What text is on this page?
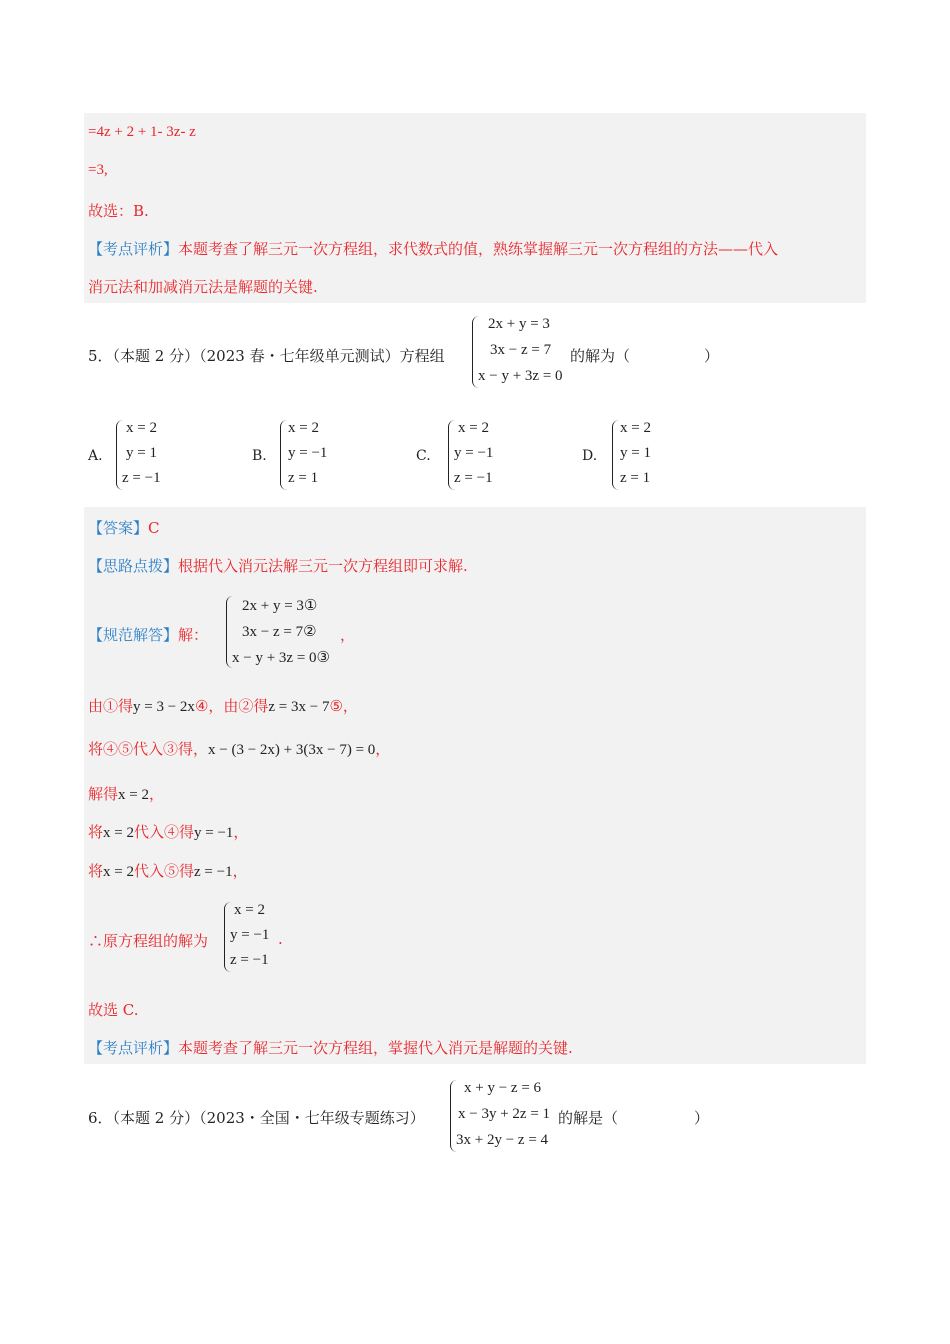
=4z + 2 + 1- 3z- z
=3,
故选：B.
【考点评析】本题考查了解三元一次方程组，求代数式的值，熟练掌握解三元一次方程组的方法——代入
消元法和加减消元法是解题的关键.
5．（本题 2 分）（2023 春・七年级单元测试）方程组
2x + y = 3
3x − z = 7
x − y + 3z = 0
的解为（	）
A.
x = 2
y = 1
z = −1
B.
x = 2
y = −1
z = 1
C.
x = 2
y = −1
z = −1
D.
x = 2
y = 1
z = 1
【答案】C
【思路点拨】根据代入消元法解三元一次方程组即可求解.
【规范解答】解：
2x + y = 3①
3x − z = 7②
x − y + 3z = 0③
，
由①得y = 3 − 2x④，由②得z = 3x − 7⑤，
将④⑤代入③得，x − (3 − 2x) + 3(3x − 7) = 0，
解得x = 2，
将x = 2代入④得y = −1，
将x = 2代入⑤得z = −1，
∴原方程组的解为
x = 2
y = −1
z = −1
.
故选 C.
【考点评析】本题考查了解三元一次方程组，掌握代入消元是解题的关键.
6．（本题 2 分）（2023・全国・七年级专题练习）
x + y − z = 6
x − 3y + 2z = 1
3x + 2y − z = 4
的解是（	）
